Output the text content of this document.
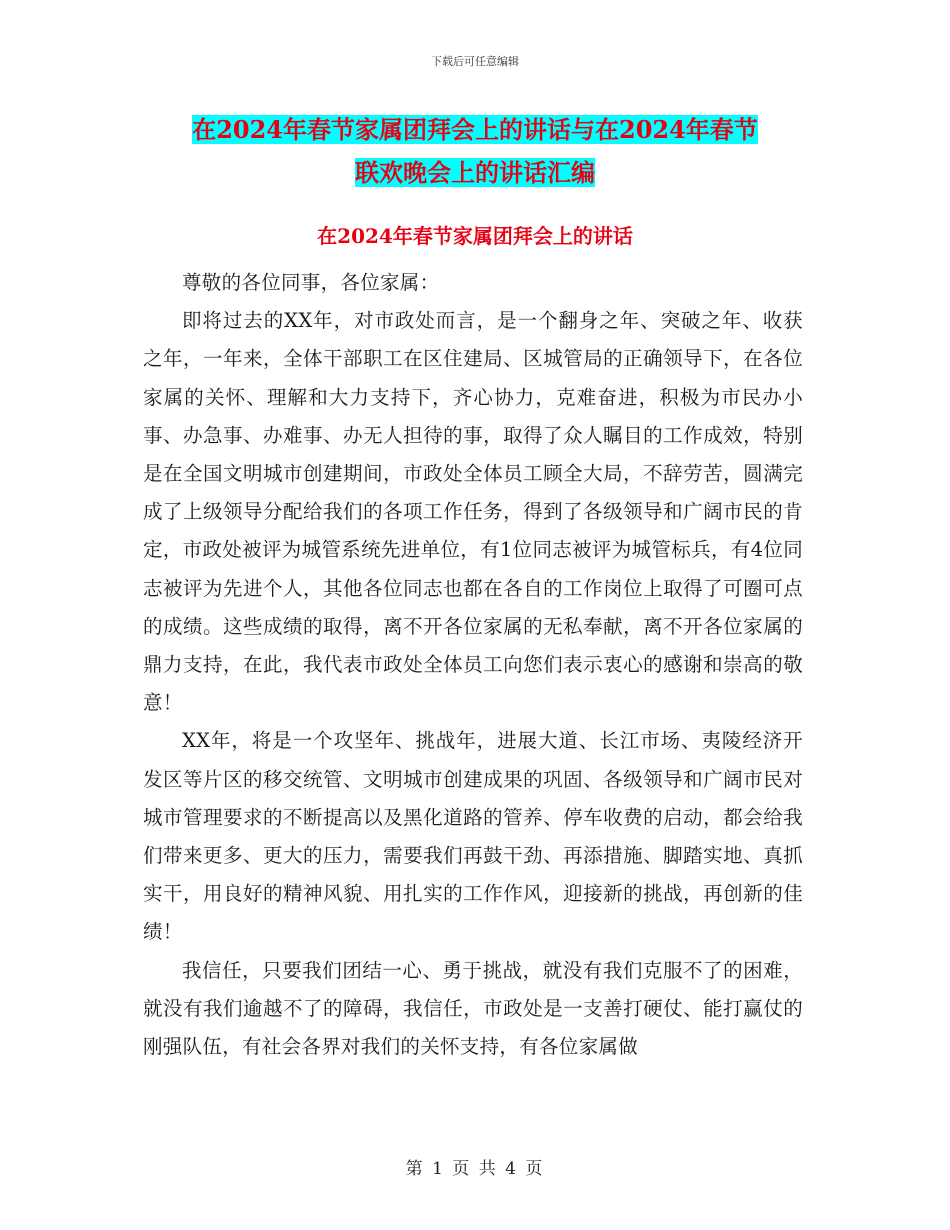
下载后可任意编辑
在2024年春节家属团拜会上的讲话与在2024年春节
联欢晚会上的讲话汇编
在2024年春节家属团拜会上的讲话

尊敬的各位同事，各位家属：

即将过去的XX年，对市政处而言，是一个翻身之年、突破之年、收获之年，一年来，全体干部职工在区住建局、区城管局的正确领导下，在各位家属的关怀、理解和大力支持下，齐心协力，克难奋进，积极为市民办小事、办急事、办难事、办无人担待的事，取得了众人瞩目的工作成效，特别是在全国文明城市创建期间，市政处全体员工顾全大局，不辞劳苦，圆满完成了上级领导分配给我们的各项工作任务，得到了各级领导和广阔市民的肯定，市政处被评为城管系统先进单位，有1位同志被评为城管标兵，有4位同志被评为先进个人，其他各位同志也都在各自的工作岗位上取得了可圈可点的成绩。这些成绩的取得，离不开各位家属的无私奉献，离不开各位家属的鼎力支持，在此，我代表市政处全体员工向您们表示衷心的感谢和崇高的敬意！

XX年，将是一个攻坚年、挑战年，进展大道、长江市场、夷陵经济开发区等片区的移交统管、文明城市创建成果的巩固、各级领导和广阔市民对城市管理要求的不断提高以及黑化道路的管养、停车收费的启动，都会给我们带来更多、更大的压力，需要我们再鼓干劲、再添措施、脚踏实地、真抓实干，用良好的精神风貌、用扎实的工作作风，迎接新的挑战，再创新的佳绩！

我信任，只要我们团结一心、勇于挑战，就没有我们克服不了的困难，就没有我们逾越不了的障碍，我信任，市政处是一支善打硬仗、能打赢仗的刚强队伍，有社会各界对我们的关怀支持，有各位家属做

第 1 页 共 4 页
